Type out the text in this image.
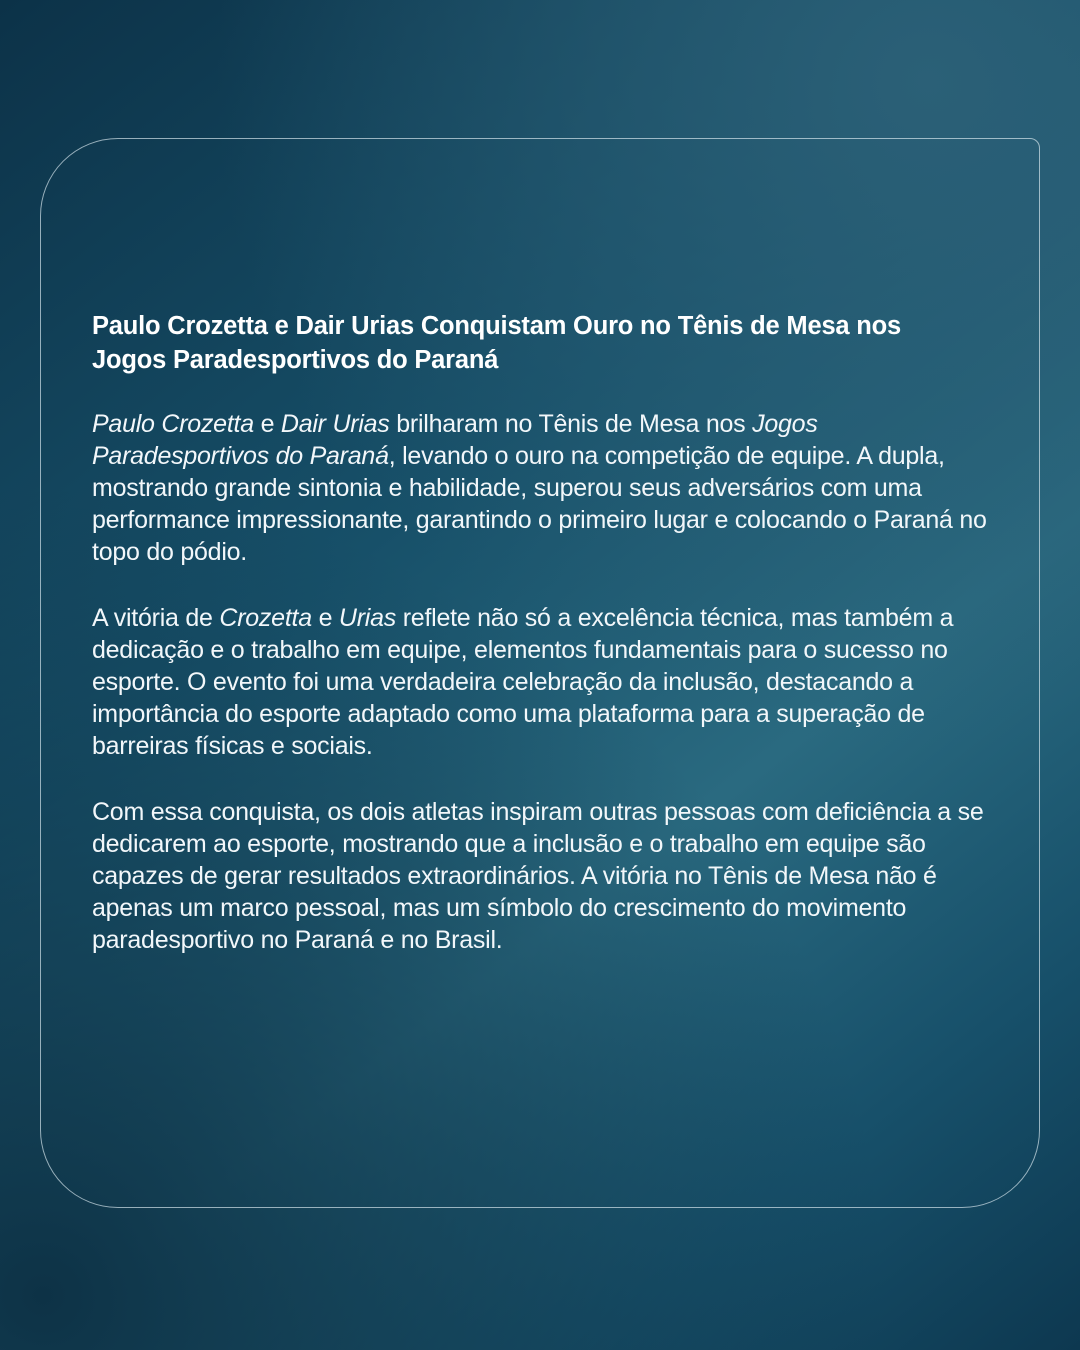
Paulo Crozetta e Dair Urias Conquistam Ouro no Tênis de Mesa nos Jogos Paradesportivos do Paraná

Paulo Crozetta e Dair Urias brilharam no Tênis de Mesa nos Jogos Paradesportivos do Paraná, levando o ouro na competição de equipe. A dupla, mostrando grande sintonia e habilidade, superou seus adversários com uma performance impressionante, garantindo o primeiro lugar e colocando o Paraná no topo do pódio.

A vitória de Crozetta e Urias reflete não só a excelência técnica, mas também a dedicação e o trabalho em equipe, elementos fundamentais para o sucesso no esporte. O evento foi uma verdadeira celebração da inclusão, destacando a importância do esporte adaptado como uma plataforma para a superação de barreiras físicas e sociais.

Com essa conquista, os dois atletas inspiram outras pessoas com deficiência a se dedicarem ao esporte, mostrando que a inclusão e o trabalho em equipe são capazes de gerar resultados extraordinários. A vitória no Tênis de Mesa não é apenas um marco pessoal, mas um símbolo do crescimento do movimento paradesportivo no Paraná e no Brasil.
